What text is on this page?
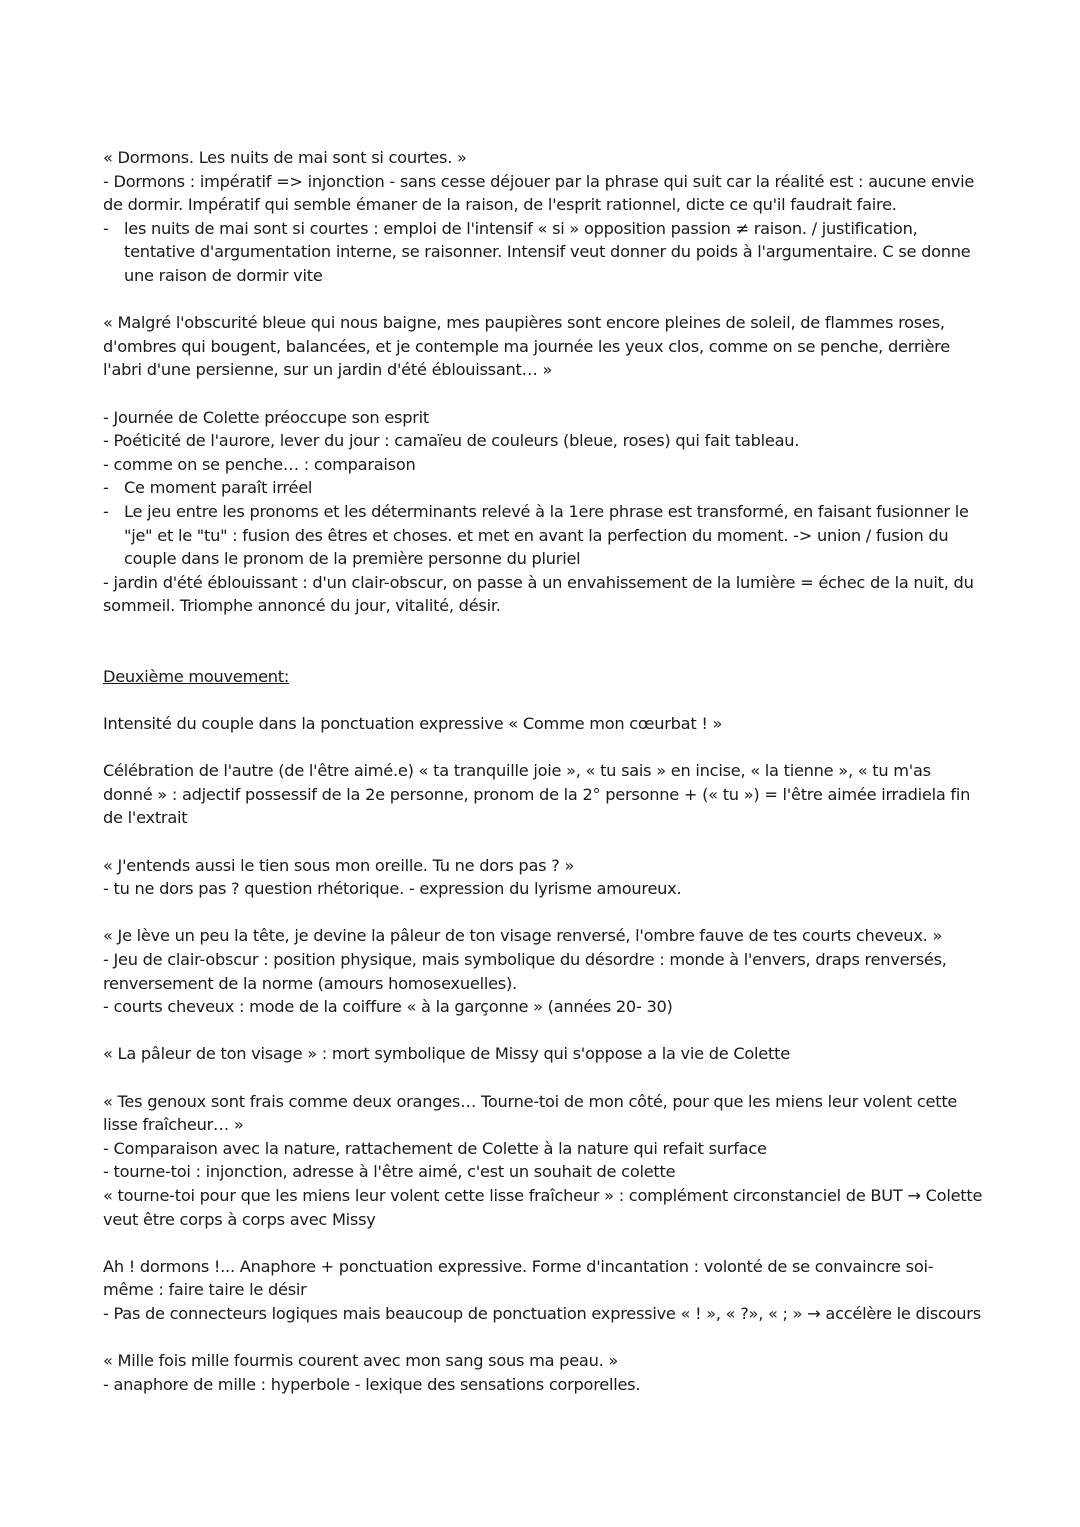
« Dormons. Les nuits de mai sont si courtes. »

- Dormons : impératif => injonction - sans cesse déjouer par la phrase qui suit car la réalité est : aucune envie de dormir. Impératif qui semble émaner de la raison, de l'esprit rationnel, dicte ce qu'il faudrait faire.

- les nuits de mai sont si courtes : emploi de l'intensif « si » opposition passion ≠ raison. / justification, tentative d'argumentation interne, se raisonner. Intensif veut donner du poids à l'argumentaire. C se donne une raison de dormir vite

« Malgré l'obscurité bleue qui nous baigne, mes paupières sont encore pleines de soleil, de flammes roses, d'ombres qui bougent, balancées, et je contemple ma journée les yeux clos, comme on se penche, derrière l'abri d'une persienne, sur un jardin d'été éblouissant… »

- Journée de Colette préoccupe son esprit

- Poéticité de l'aurore, lever du jour : camaïeu de couleurs (bleue, roses) qui fait tableau.

- comme on se penche… : comparaison

- Ce moment paraît irréel
- Le jeu entre les pronoms et les déterminants relevé à la 1ere phrase est transformé, en faisant fusionner le "je" et le "tu" : fusion des êtres et choses. et met en avant la perfection du moment. -> union / fusion du couple dans le pronom de la première personne du pluriel

- jardin d'été éblouissant : d'un clair-obscur, on passe à un envahissement de la lumière = échec de la nuit, du sommeil. Triomphe annoncé du jour, vitalité, désir.

Deuxième mouvement:

Intensité du couple dans la ponctuation expressive « Comme mon cœurbat ! »

Célébration de l'autre (de l'être aimé.e) « ta tranquille joie », « tu sais » en incise, « la tienne », « tu m'as donné » : adjectif possessif de la 2e personne, pronom de la 2° personne + (« tu ») = l'être aimée irradiela fin de l'extrait

« J'entends aussi le tien sous mon oreille. Tu ne dors pas ? »

- tu ne dors pas ? question rhétorique. - expression du lyrisme amoureux.

« Je lève un peu la tête, je devine la pâleur de ton visage renversé, l'ombre fauve de tes courts cheveux. »

- Jeu de clair-obscur : position physique, mais symbolique du désordre : monde à l'envers, draps renversés, renversement de la norme (amours homosexuelles).

- courts cheveux : mode de la coiffure « à la garçonne » (années 20- 30)

« La pâleur de ton visage » : mort symbolique de Missy qui s'oppose a la vie de Colette

« Tes genoux sont frais comme deux oranges… Tourne-toi de mon côté, pour que les miens leur volent cette lisse fraîcheur… »

- Comparaison avec la nature, rattachement de Colette à la nature qui refait surface

- tourne-toi : injonction, adresse à l'être aimé, c'est un souhait de colette

« tourne-toi pour que les miens leur volent cette lisse fraîcheur » : complément circonstanciel de BUT → Colette veut être corps à corps avec Missy

Ah ! dormons !... Anaphore + ponctuation expressive. Forme d'incantation : volonté de se convaincre soi-même : faire taire le désir

- Pas de connecteurs logiques mais beaucoup de ponctuation expressive « ! », « ?», « ; » → accélère le discours

« Mille fois mille fourmis courent avec mon sang sous ma peau. »

- anaphore de mille : hyperbole - lexique des sensations corporelles.
